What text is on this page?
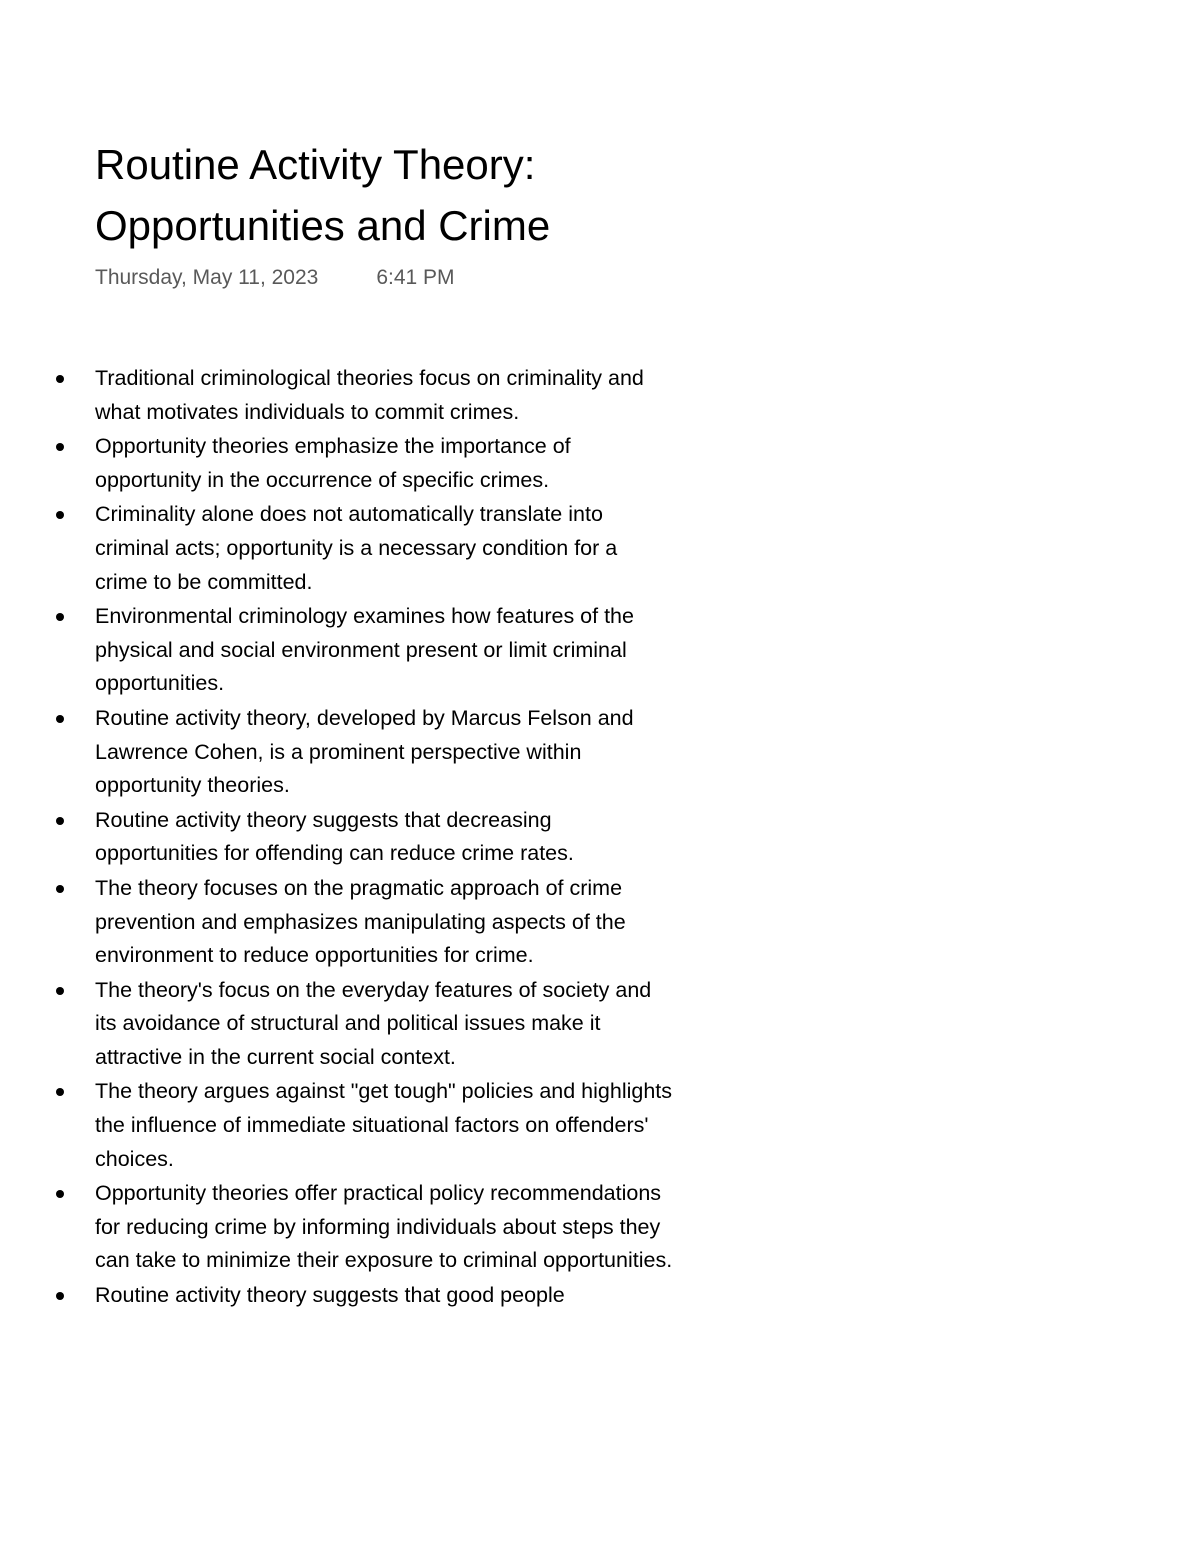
Routine Activity Theory:
Opportunities and Crime
Thursday, May 11, 2023	6:41 PM
Traditional criminological theories focus on criminality and what motivates individuals to commit crimes.
Opportunity theories emphasize the importance of opportunity in the occurrence of specific crimes.
Criminality alone does not automatically translate into criminal acts; opportunity is a necessary condition for a crime to be committed.
Environmental criminology examines how features of the physical and social environment present or limit criminal opportunities.
Routine activity theory, developed by Marcus Felson and Lawrence Cohen, is a prominent perspective within opportunity theories.
Routine activity theory suggests that decreasing opportunities for offending can reduce crime rates.
The theory focuses on the pragmatic approach of crime prevention and emphasizes manipulating aspects of the environment to reduce opportunities for crime.
The theory's focus on the everyday features of society and its avoidance of structural and political issues make it attractive in the current social context.
The theory argues against "get tough" policies and highlights the influence of immediate situational factors on offenders' choices.
Opportunity theories offer practical policy recommendations for reducing crime by informing individuals about steps they can take to minimize their exposure to criminal opportunities.
Routine activity theory suggests that good people
